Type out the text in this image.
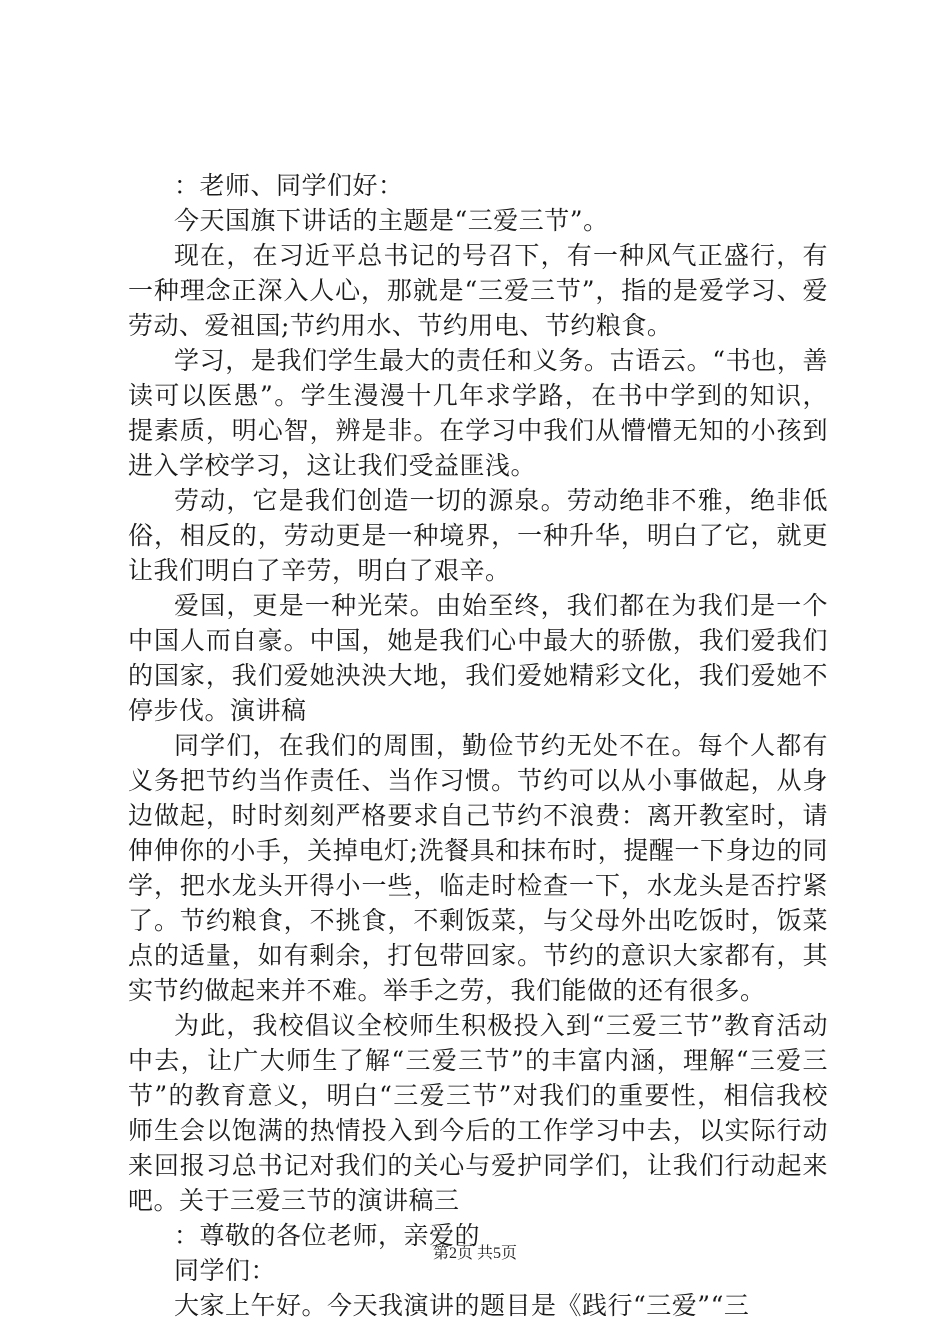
：老师、同学们好：

今天国旗下讲话的主题是“三爱三节”。

现在，在习近平总书记的号召下，有一种风气正盛行，有一种理念正深入人心，那就是“三爱三节”，指的是爱学习、爱劳动、爱祖国;节约用水、节约用电、节约粮食。

学习，是我们学生最大的责任和义务。古语云。“书也，善读可以医愚”。学生漫漫十几年求学路，在书中学到的知识，提素质，明心智，辨是非。在学习中我们从懵懵无知的小孩到进入学校学习，这让我们受益匪浅。

劳动，它是我们创造一切的源泉。劳动绝非不雅，绝非低俗，相反的，劳动更是一种境界，一种升华，明白了它，就更让我们明白了辛劳，明白了艰辛。

爱国，更是一种光荣。由始至终，我们都在为我们是一个中国人而自豪。中国，她是我们心中最大的骄傲，我们爱我们的国家，我们爱她泱泱大地，我们爱她精彩文化，我们爱她不停步伐。演讲稿

同学们，在我们的周围，勤俭节约无处不在。每个人都有义务把节约当作责任、当作习惯。节约可以从小事做起，从身边做起，时时刻刻严格要求自己节约不浪费：离开教室时，请伸伸你的小手，关掉电灯;洗餐具和抹布时，提醒一下身边的同学，把水龙头开得小一些，临走时检查一下，水龙头是否拧紧了。节约粮食，不挑食，不剩饭菜，与父母外出吃饭时，饭菜点的适量，如有剩余，打包带回家。节约的意识大家都有，其实节约做起来并不难。举手之劳，我们能做的还有很多。

为此，我校倡议全校师生积极投入到“三爱三节”教育活动中去，让广大师生了解“三爱三节”的丰富内涵，理解“三爱三节”的教育意义，明白“三爱三节”对我们的重要性，相信我校师生会以饱满的热情投入到今后的工作学习中去，以实际行动来回报习总书记对我们的关心与爱护同学们，让我们行动起来吧。关于三爱三节的演讲稿三

：尊敬的各位老师，亲爱的

同学们：

大家上午好。今天我演讲的题目是《践行“三爱”“三

第2页 共5页
